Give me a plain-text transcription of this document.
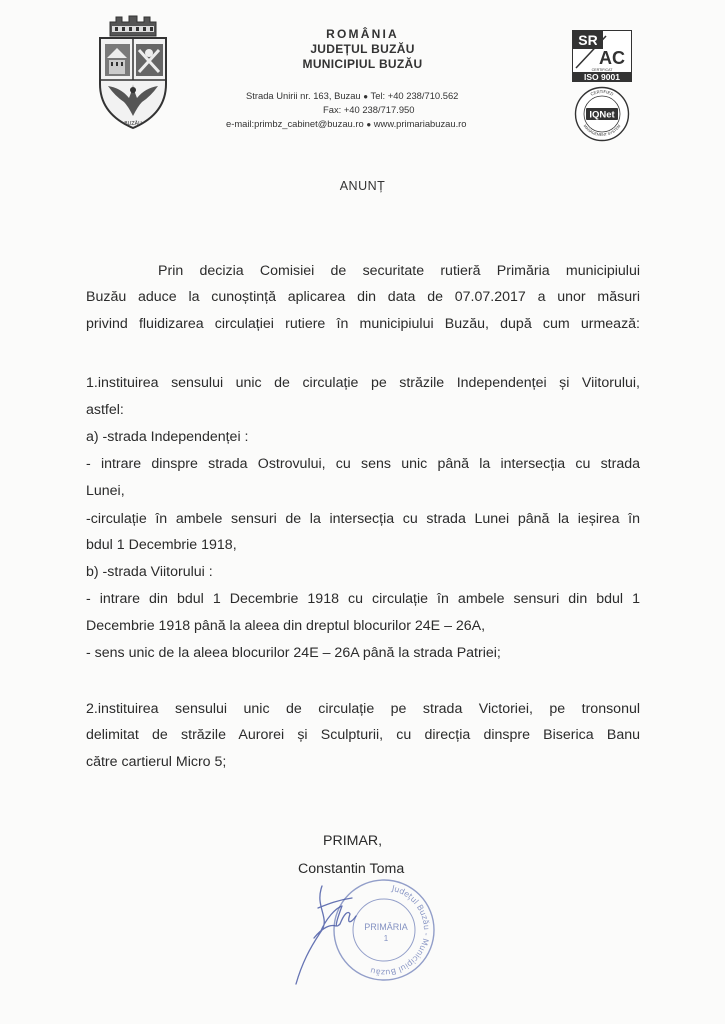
BUZĂU
ROMÂNIA
JUDEȚUL BUZĂU
MUNICIPIUL BUZĂU
Strada Unirii nr. 163, Buzau ● Tel: +40 238/710.562
Fax: +40 238/717.950
e-mail:primbz_cabinet@buzau.ro ● www.primariabuzau.ro
SR
AC
CERTIFICAT
ISO 9001
CERTIFIED
MANAGEMENT SYSTEM
IQNet
ANUNȚ
Prin decizia Comisiei de securitate rutieră Primăria municipiului
Buzău aduce la cunoștință aplicarea din data de 07.07.2017 a unor măsuri
privind fluidizarea circulației rutiere în municipiului Buzău, după cum urmează:
1.instituirea sensului unic de circulație pe străzile Independenței și Viitorului,
astfel:
a) -strada Independenței :
- intrare dinspre strada Ostrovului, cu sens unic până la intersecția cu strada
Lunei,
-circulație în ambele sensuri de la intersecția cu strada Lunei până la ieșirea în
bdul 1 Decembrie 1918,
b) -strada Viitorului :
- intrare din bdul 1 Decembrie 1918 cu circulație în ambele sensuri din bdul 1
Decembrie 1918 până la aleea din dreptul blocurilor 24E – 26A,
- sens unic de la aleea blocurilor 24E – 26A până la strada Patriei;
2.instituirea sensului unic de circulație pe strada Victoriei, pe tronsonul
delimitat de străzile Aurorei și Sculpturii, cu direcția dinspre Biserica Banu
către cartierul Micro 5;
PRIMAR,
Constantin Toma
Județul Buzău - Municipiul Buzău
PRIMĂRIA
1
